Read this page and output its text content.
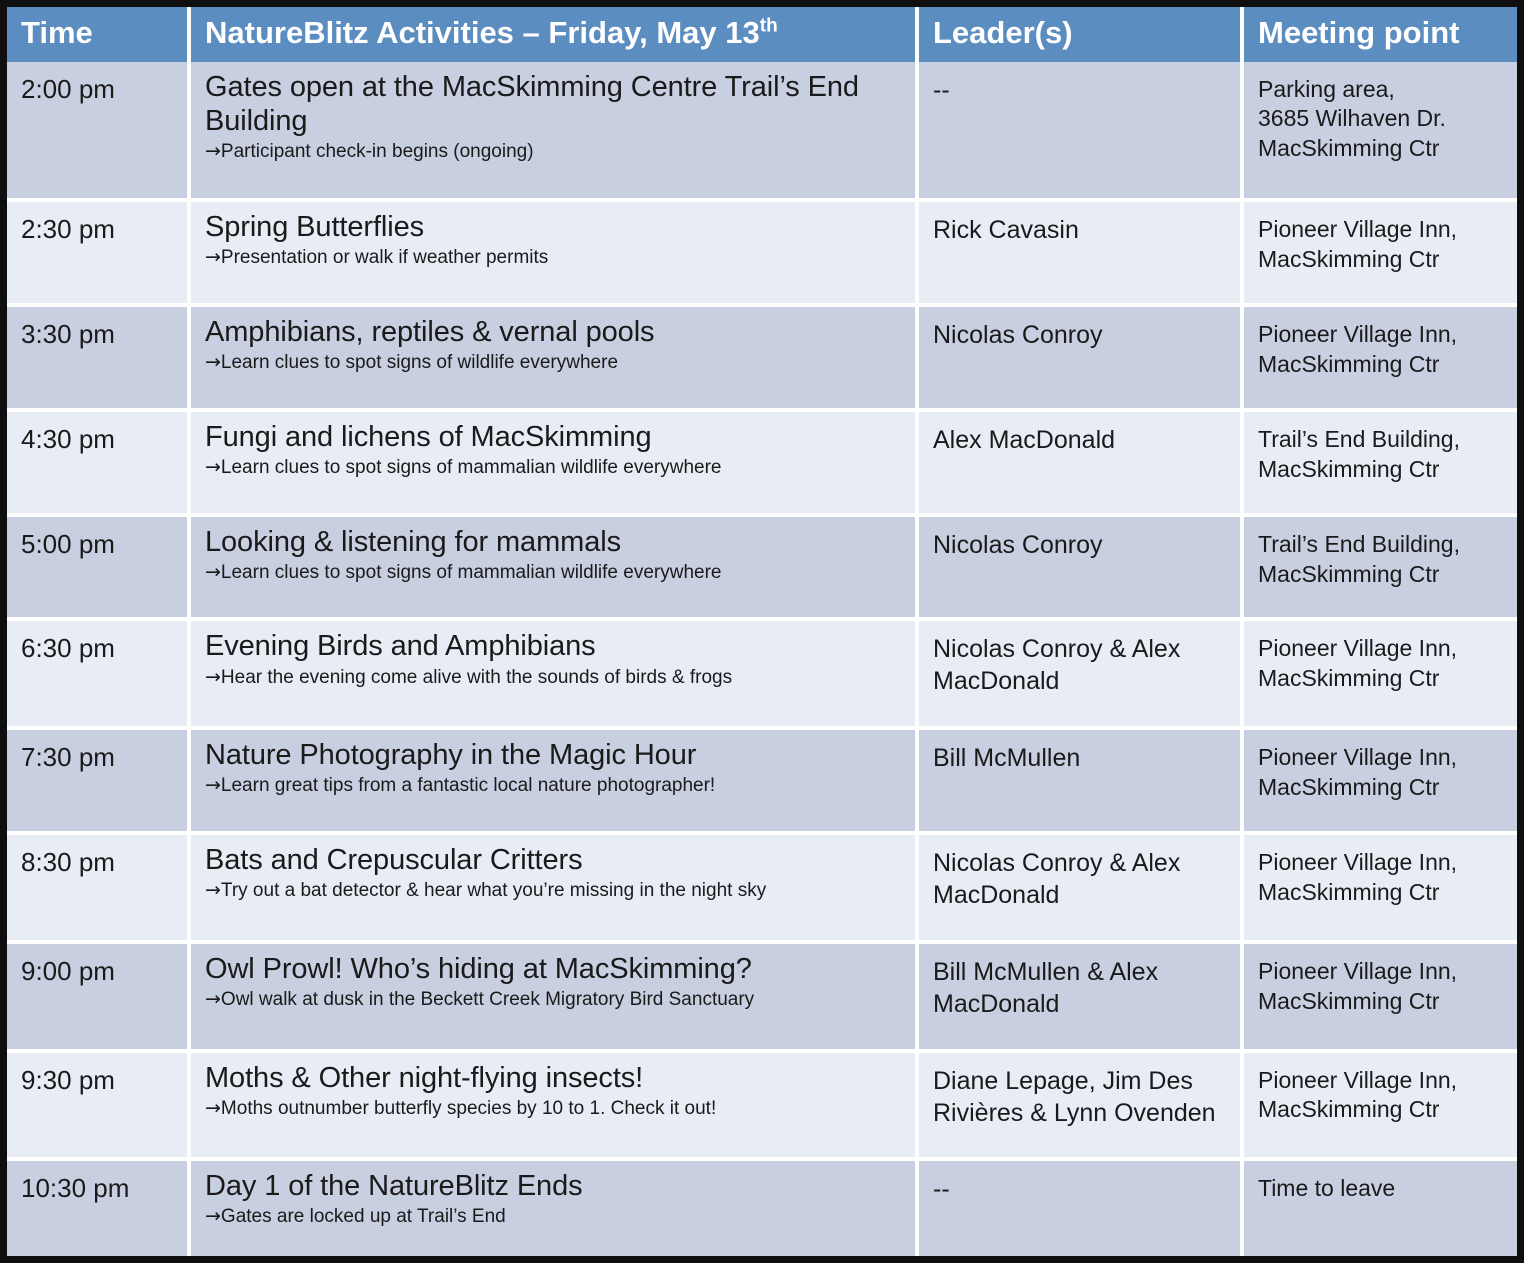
Time	NatureBlitz Activities – Friday, May 13th	Leader(s)	Meeting point
2:00 pm	Gates open at the MacSkimming Centre Trail’s End Building
→Participant check-in begins (ongoing)
	--	Parking area,
3685 Wilhaven Dr.
MacSkimming Ctr
2:30 pm	Spring Butterflies
→Presentation or walk if weather permits
	Rick Cavasin	Pioneer Village Inn,
MacSkimming Ctr
3:30 pm	Amphibians, reptiles & vernal pools
→Learn clues to spot signs of wildlife everywhere
	Nicolas Conroy	Pioneer Village Inn,
MacSkimming Ctr
4:30 pm	Fungi and lichens of MacSkimming
→Learn clues to spot signs of mammalian wildlife everywhere
	Alex MacDonald	Trail’s End Building,
MacSkimming Ctr
5:00 pm	Looking & listening for mammals
→Learn clues to spot signs of mammalian wildlife everywhere
	Nicolas Conroy	Trail’s End Building,
MacSkimming Ctr
6:30 pm	Evening Birds and Amphibians
→Hear the evening come alive with the sounds of birds & frogs
	Nicolas Conroy & Alex MacDonald	Pioneer Village Inn,
MacSkimming Ctr
7:30 pm	Nature Photography in the Magic Hour
→Learn great tips from a fantastic local nature photographer!
	Bill McMullen	Pioneer Village Inn,
MacSkimming Ctr
8:30 pm	Bats and Crepuscular Critters
→Try out a bat detector & hear what you’re missing in the night sky
	Nicolas Conroy & Alex MacDonald	Pioneer Village Inn,
MacSkimming Ctr
9:00 pm	Owl Prowl! Who’s hiding at MacSkimming?
→Owl walk at dusk in the Beckett Creek Migratory Bird Sanctuary
	Bill McMullen & Alex MacDonald	Pioneer Village Inn,
MacSkimming Ctr
9:30 pm	Moths & Other night-flying insects!
→Moths outnumber butterfly species by 10 to 1. Check it out!
	Diane Lepage, Jim Des Rivières & Lynn Ovenden	Pioneer Village Inn,
MacSkimming Ctr
10:30 pm	Day 1 of the NatureBlitz Ends
→Gates are locked up at Trail’s End	--	Time to leave
